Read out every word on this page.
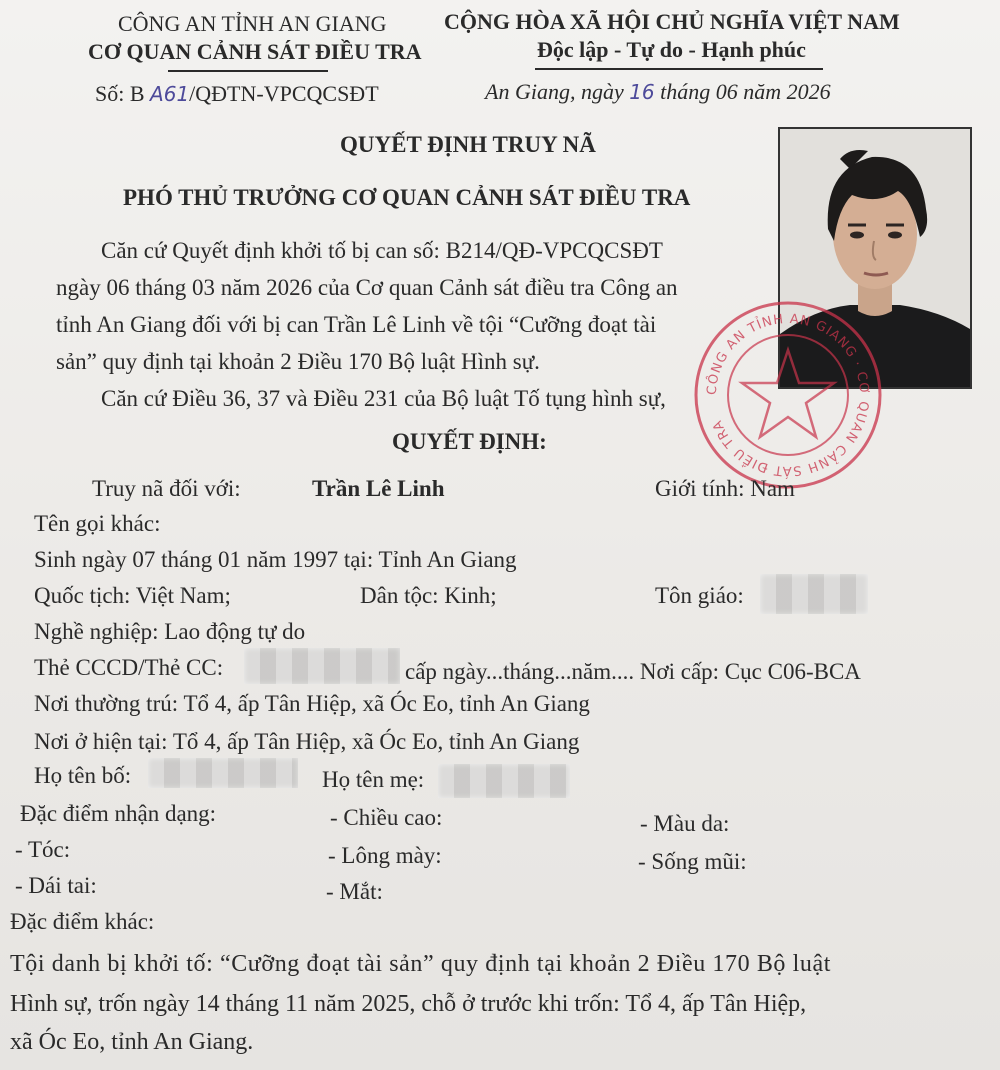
CÔNG AN TỈNH AN GIANG
CƠ QUAN CẢNH SÁT ĐIỀU TRA
Số: B A61/QĐTN-VPCQCSĐT
CỘNG HÒA XÃ HỘI CHỦ NGHĨA VIỆT NAM
Độc lập - Tự do - Hạnh phúc
An Giang, ngày 16 tháng 06 năm 2026
QUYẾT ĐỊNH TRUY NÃ
PHÓ THỦ TRƯỞNG CƠ QUAN CẢNH SÁT ĐIỀU TRA
CÔNG AN TỈNH AN GIANG · CƠ QUAN CẢNH SÁT ĐIỀU TRA
Căn cứ Quyết định khởi tố bị can số: B214/QĐ-VPCQCSĐT
ngày 06 tháng 03 năm 2026 của Cơ quan Cảnh sát điều tra Công an
tỉnh An Giang đối với bị can Trần Lê Linh về tội “Cưỡng đoạt tài
sản” quy định tại khoản 2 Điều 170 Bộ luật Hình sự.
Căn cứ Điều 36, 37 và Điều 231 của Bộ luật Tố tụng hình sự,
QUYẾT ĐỊNH:
Truy nã đối với:	Trần Lê Linh	Giới tính: Nam
Tên gọi khác:
Sinh ngày 07 tháng 01 năm 1997 tại: Tỉnh An Giang
Quốc tịch: Việt Nam;	Dân tộc: Kinh;	Tôn giáo:
Nghề nghiệp: Lao động tự do
Thẻ CCCD/Thẻ CC:	cấp ngày...tháng...năm.... Nơi cấp: Cục C06-BCA
Nơi thường trú: Tổ 4, ấp Tân Hiệp, xã Óc Eo, tỉnh An Giang
Nơi ở hiện tại: Tổ 4, ấp Tân Hiệp, xã Óc Eo, tỉnh An Giang
Họ tên bố:	Họ tên mẹ:
Đặc điểm nhận dạng:	- Chiều cao:	- Màu da:
- Tóc:	- Lông mày:	- Sống mũi:
- Dái tai:	- Mắt:
Đặc điểm khác:
Tội danh bị khởi tố: “Cưỡng đoạt tài sản” quy định tại khoản 2 Điều 170 Bộ luật
Hình sự, trốn ngày 14 tháng 11 năm 2025, chỗ ở trước khi trốn: Tổ 4, ấp Tân Hiệp,
xã Óc Eo, tỉnh An Giang.
